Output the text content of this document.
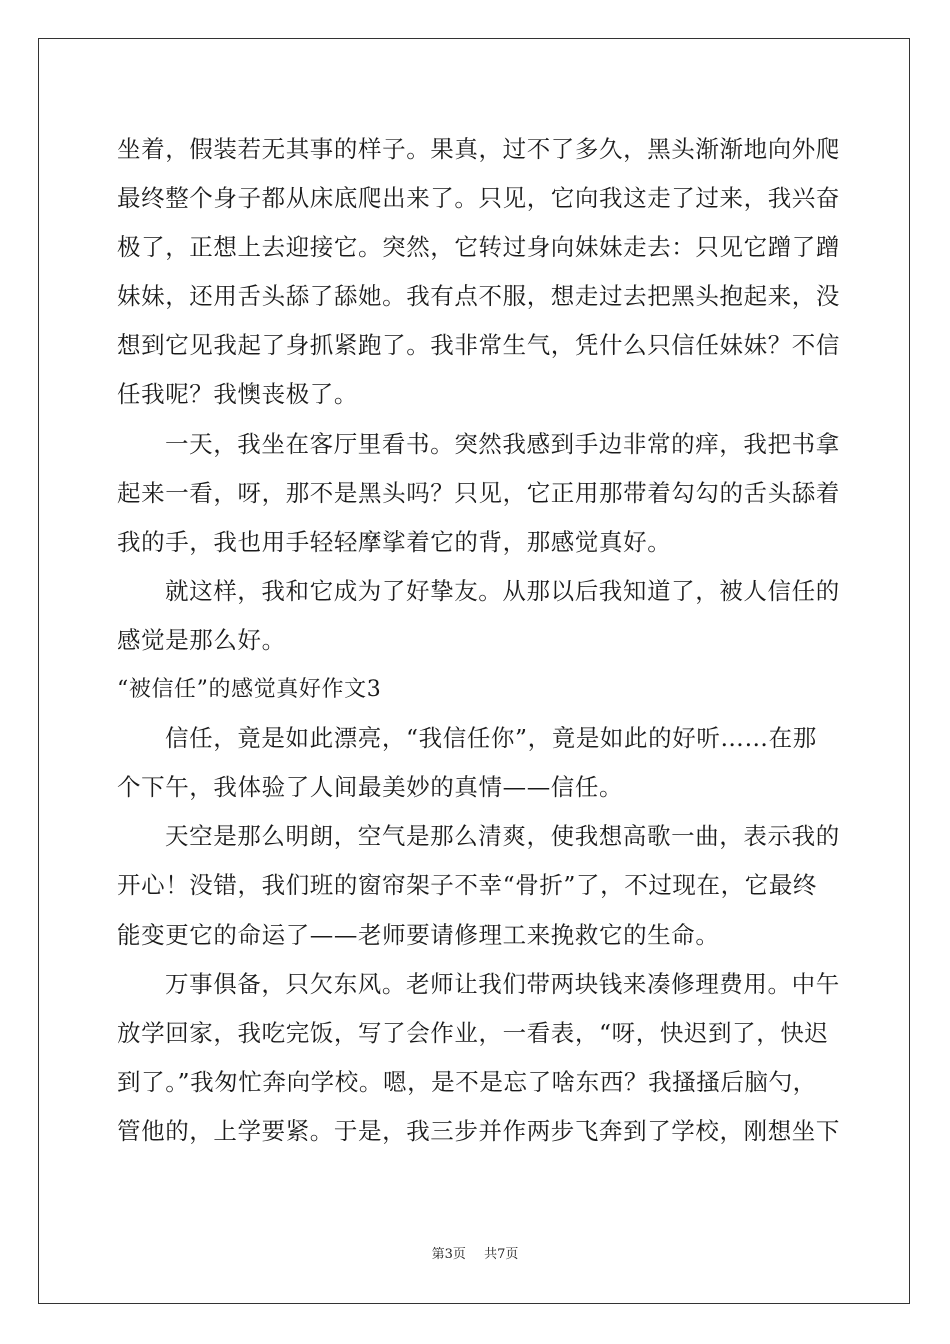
坐着，假装若无其事的样子。果真，过不了多久，黑头渐渐地向外爬
最终整个身子都从床底爬出来了。只见，它向我这走了过来，我兴奋
极了，正想上去迎接它。突然，它转过身向妹妹走去：只见它蹭了蹭
妹妹，还用舌头舔了舔她。我有点不服，想走过去把黑头抱起来，没
想到它见我起了身抓紧跑了。我非常生气，凭什么只信任妹妹？不信
任我呢？我懊丧极了。
一天，我坐在客厅里看书。突然我感到手边非常的痒，我把书拿
起来一看，呀，那不是黑头吗？只见，它正用那带着勾勾的舌头舔着
我的手，我也用手轻轻摩挲着它的背，那感觉真好。
就这样，我和它成为了好挚友。从那以后我知道了，被人信任的
感觉是那么好。
“被信任”的感觉真好作文3
信任，竟是如此漂亮，“我信任你”，竟是如此的好听……在那
个下午，我体验了人间最美妙的真情——信任。
天空是那么明朗，空气是那么清爽，使我想高歌一曲，表示我的
开心！没错，我们班的窗帘架子不幸“骨折”了，不过现在，它最终
能变更它的命运了——老师要请修理工来挽救它的生命。
万事俱备，只欠东风。老师让我们带两块钱来凑修理费用。中午
放学回家，我吃完饭，写了会作业，一看表，“呀，快迟到了，快迟
到了。”我匆忙奔向学校。嗯，是不是忘了啥东西？我搔搔后脑勺，
管他的，上学要紧。于是，我三步并作两步飞奔到了学校，刚想坐下
第3页 共7页
